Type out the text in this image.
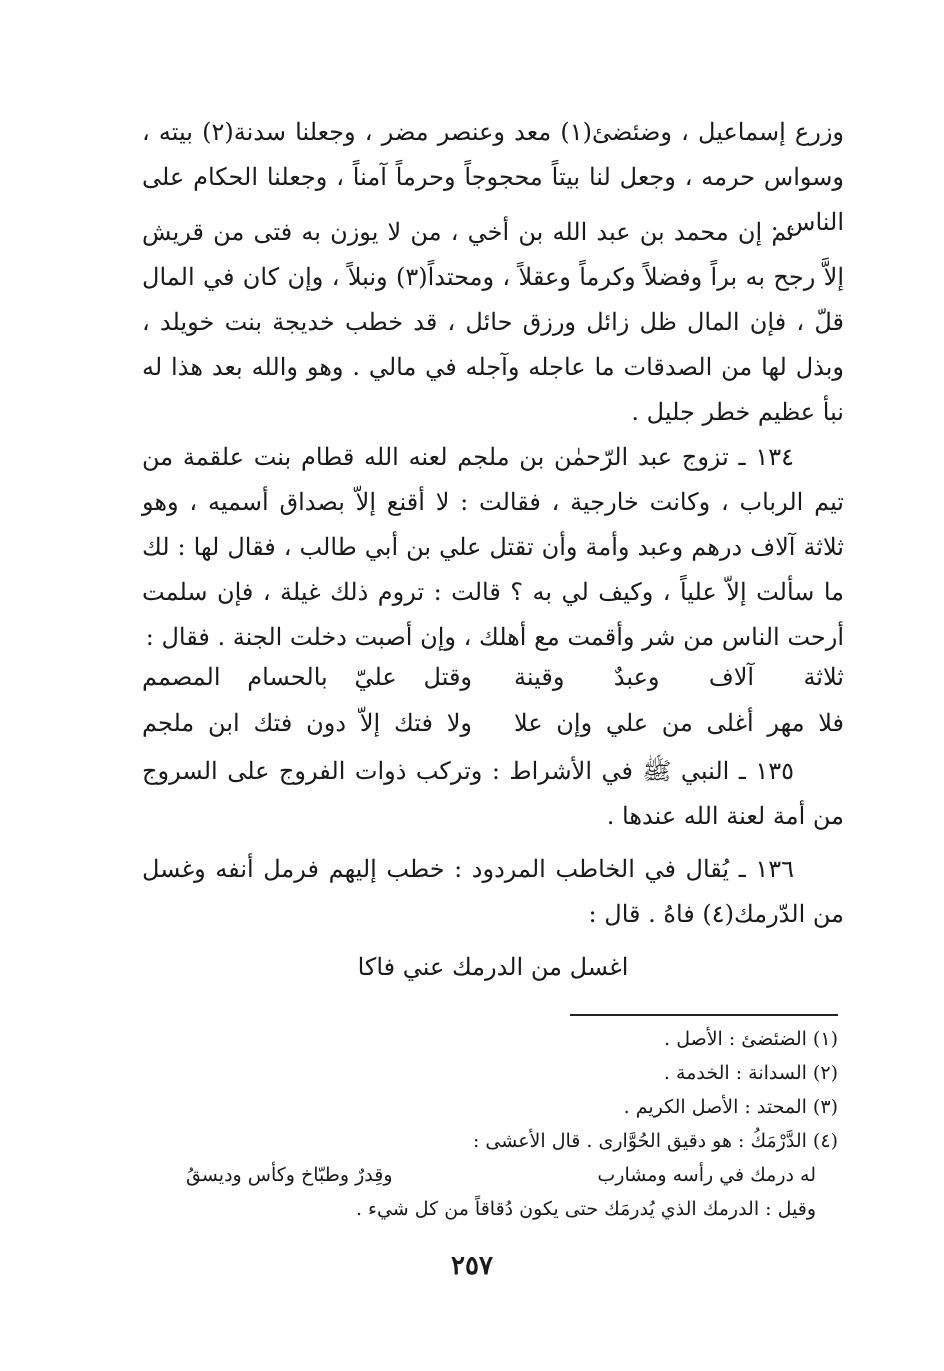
وزرع إسماعيل ، وضئضئ(١) معد وعنصر مضر ، وجعلنا سدنة(٢) بيته ، وسواس حرمه ، وجعل لنا بيتاً محجوجاً وحرماً آمناً ، وجعلنا الحكام على الناس .

ثم إن محمد بن عبد الله بن أخي ، من لا يوزن به فتى من قريش إلاَّ رجح به براً وفضلاً وكرماً وعقلاً ، ومحتداً(٣) ونبلاً ، وإن كان في المال قلّ ، فإن المال ظل زائل ورزق حائل ، قد خطب خديجة بنت خويلد ، وبذل لها من الصدقات ما عاجله وآجله في مالي . وهو والله بعد هذا له نبأ عظيم خطر جليل .

١٣٤ ـ تزوج عبد الرّحمٰن بن ملجم لعنه الله قطام بنت علقمة من تيم الرباب ، وكانت خارجية ، فقالت : لا أقنع إلاّ بصداق أسميه ، وهو ثلاثة آلاف درهم وعبد وأمة وأن تقتل علي بن أبي طالب ، فقال لها : لك ما سألت إلاّ علياً ، وكيف لي به ؟ قالت : تروم ذلك غيلة ، فإن سلمت أرحت الناس من شر وأقمت مع أهلك ، وإن أصبت دخلت الجنة . فقال :

ثلاثة آلاف وعبدٌ وقينة
وقتل عليّ بالحسام المصمم
فلا مهر أغلى من علي وإن علا
ولا فتك إلاّ دون فتك ابن ملجم

١٣٥ ـ النبي ﷺ في الأشراط : وتركب ذوات الفروج على السروج من أمة لعنة الله عندها .

١٣٦ ـ يُقال في الخاطب المردود : خطب إليهم فرمل أنفه وغسل من الدّرمك(٤) فاهُ . قال :

اغسل من الدرمك عني فاكا

(١) الضئضئ : الأصل .

(٢) السدانة : الخدمة .

(٣) المحتد : الأصل الكريم .

(٤) الدَّرْمَكُ : هو دقيق الحُوَّارى . قال الأعشى :

له درمك في رأسه ومشارب
وقِدرٌ وطبّاخ وكأس وديسقُ

وقيل : الدرمك الذي يُدرمَك حتى يكون دُقاقاً من كل شيء .

٢٥٧
